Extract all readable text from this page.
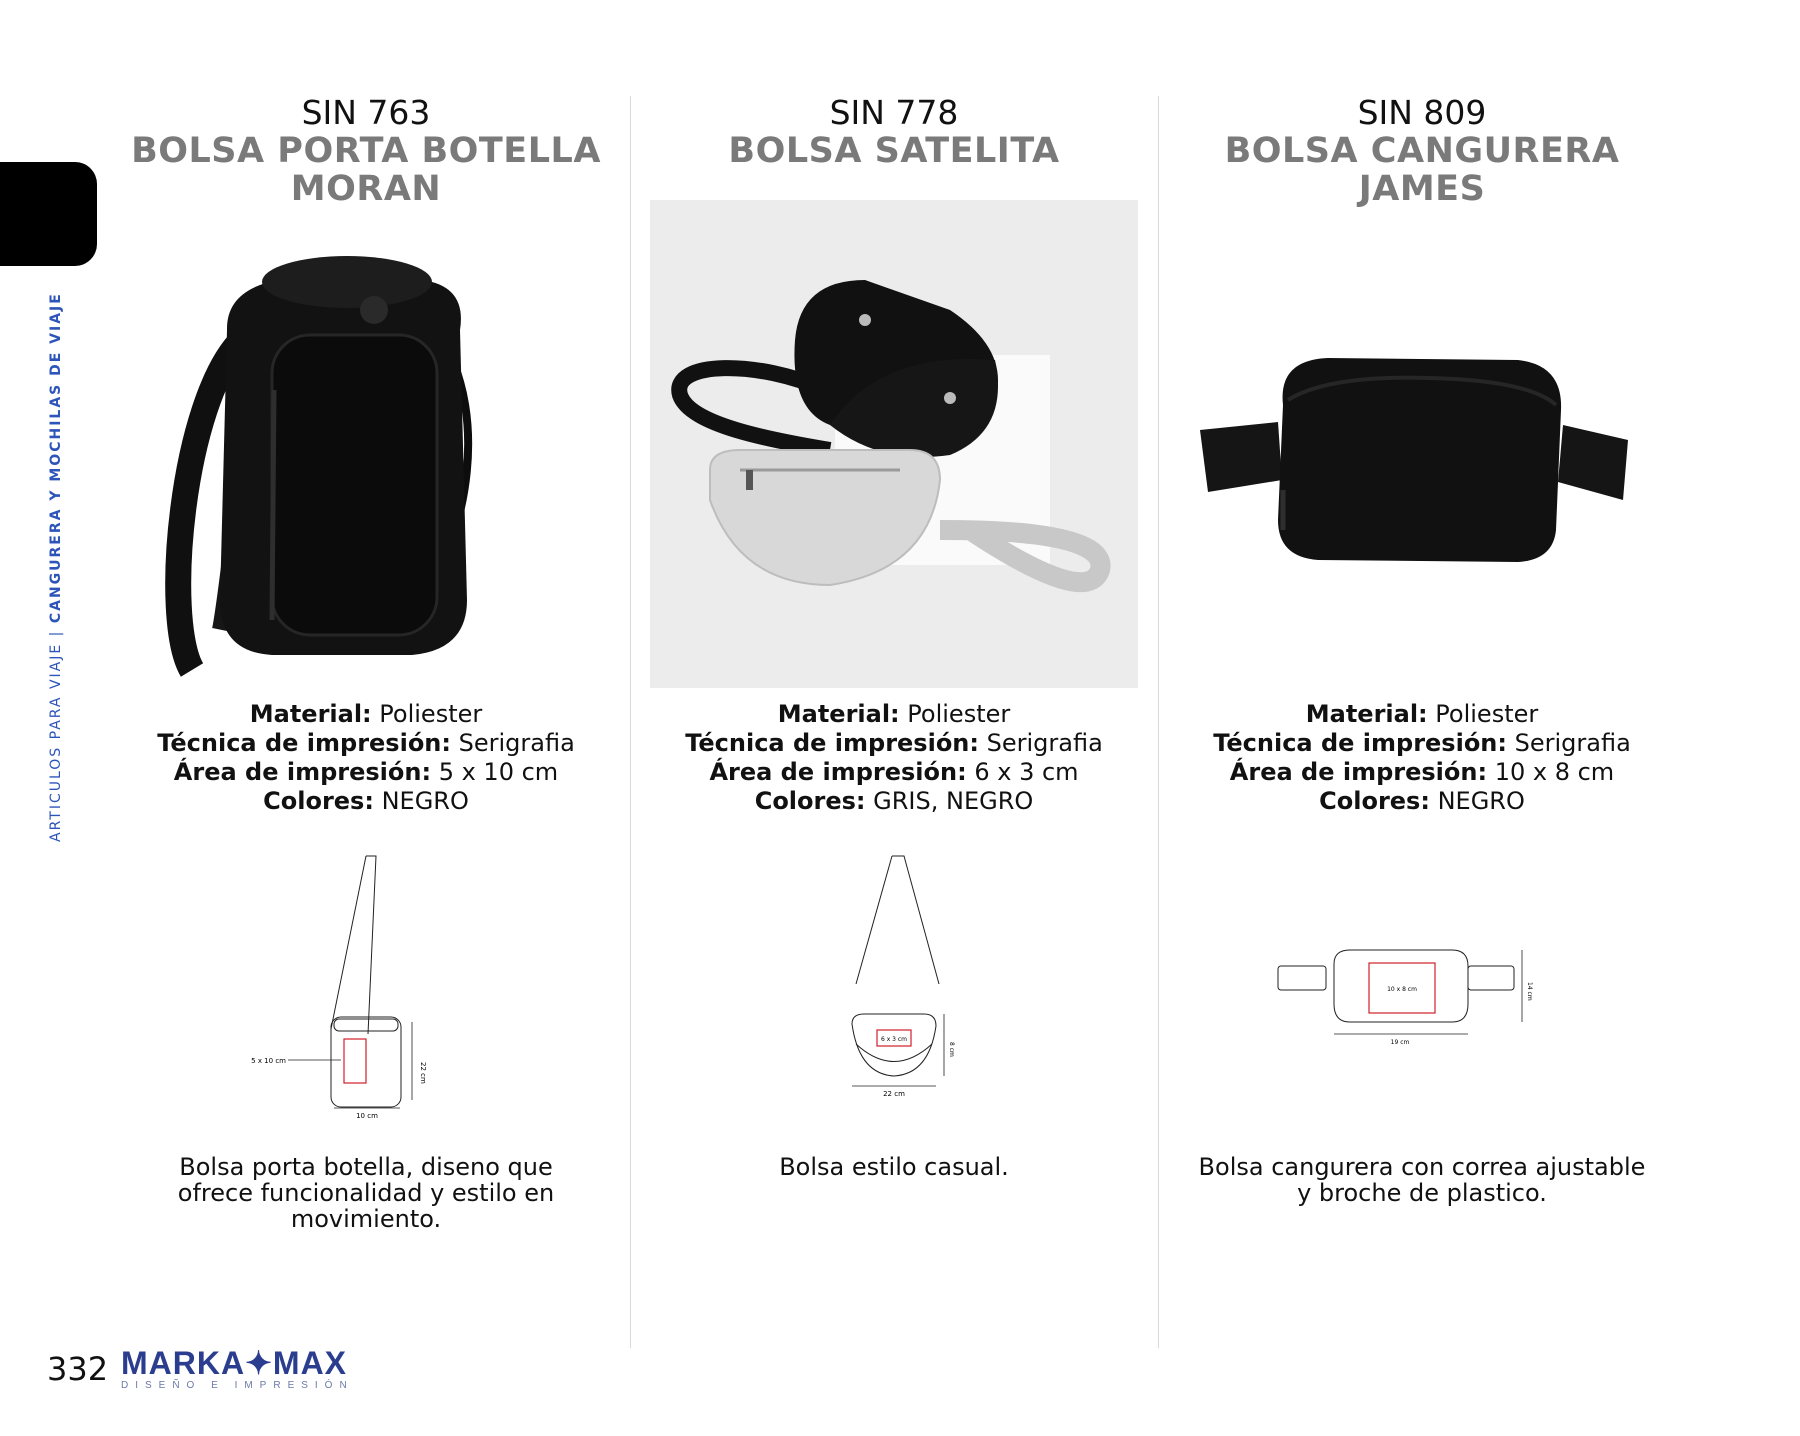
ARTICULOS PARA VIAJE | CANGURERA Y MOCHILAS DE VIAJE
SIN 763
BOLSA PORTA BOTELLA
MORAN
Material: Poliester
Técnica de impresión: Serigrafia
Área de impresión: 5 x 10 cm
Colores: NEGRO
5 x 10 cm
22 cm
10 cm
Bolsa porta botella, diseno que
ofrece funcionalidad y estilo en
movimiento.
SIN 778
BOLSA SATELITA
Material: Poliester
Técnica de impresión: Serigrafia
Área de impresión: 6 x 3 cm
Colores: GRIS, NEGRO
6 x 3 cm
8 cm
22 cm
Bolsa estilo casual.
SIN 809
BOLSA CANGURERA
JAMES
Material: Poliester
Técnica de impresión: Serigrafia
Área de impresión: 10 x 8 cm
Colores: NEGRO
10 x 8 cm	14 cm
19 cm
Bolsa cangurera con correa ajustable
y broche de plastico.
332 MARKA✦MAX
DISEÑO E IMPRESIÓN
